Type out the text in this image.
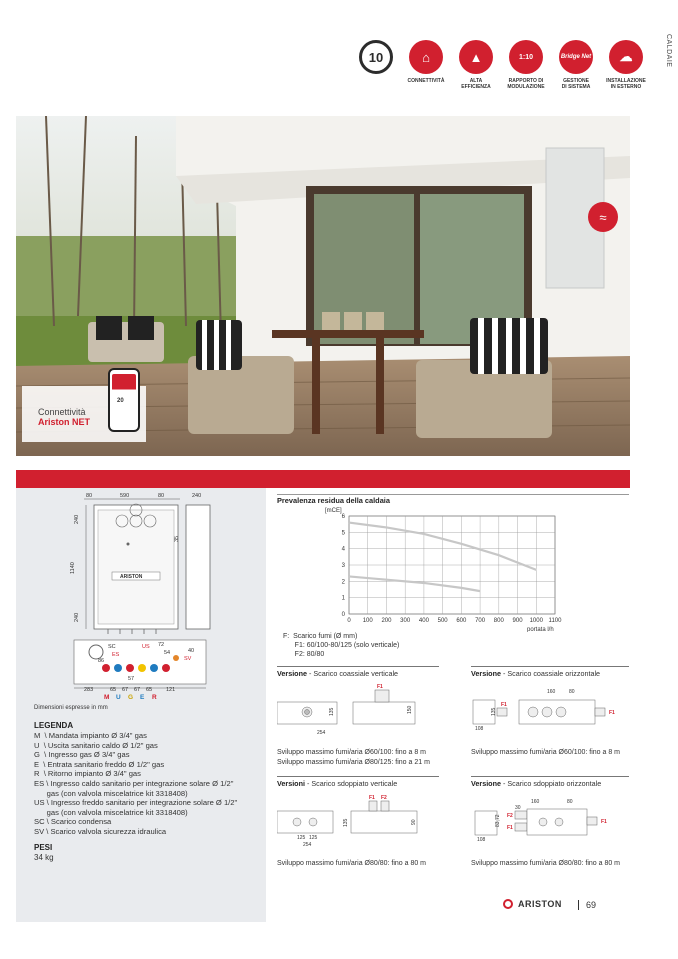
CALDAIE
10	⌂
CONNETTIVITÀ
▲
ALTA
EFFICIENZA
1:10
RAPPORTO DI
MODULAZIONE
Bridge Net
GESTIONE
DI SISTEMA
☁
INSTALLAZIONE
IN ESTERNO
≈
Connettività
Ariston NET
20
80	590	80	240
ARISTON
240
1140
240
35
SC
ES
US
SV
54	40
86
57
72
283	65 67 67 65	121
M U G E R
Dimensioni espresse in mm
LEGENDA
M  \ Mandata impianto Ø 3/4" gas
U  \ Uscita sanitario caldo Ø 1/2" gas
G  \ Ingresso gas Ø 3/4" gas
E  \ Entrata sanitario freddo Ø 1/2" gas
R  \ Ritorno impianto Ø 3/4" gas
ES \ Ingresso caldo sanitario per integrazione solare Ø 1/2"
gas (con valvola miscelatrice kit 3318408)
US \ Ingresso freddo sanitario per integrazione solare Ø 1/2"
gas (con valvola miscelatrice kit 3318408)
SC \ Scarico condensa
SV \ Scarico valvola sicurezza idraulica
PESI
34 kg
Prevalenza residua della caldaia
0 100 200 300 400 500 600 700 800 900 1000 1100
0
1
2
3
4
5
6
[mCE]
portata l/h
F:  Scarico fumi (Ø mm)
F1: 60/100-80/125 (solo verticale)
F2: 80/80
Versione - Scarico coassiale verticale	Versione - Scarico coassiale orizzontale
F1
135	150
254
160	80
F1
F1
135
108
Sviluppo massimo fumi/aria Ø60/100: fino a 8 m
Sviluppo massimo fumi/aria Ø80/125: fino a 21 m
Sviluppo massimo fumi/aria Ø60/100: fino a 8 m
Versioni - Scarico sdoppiato verticale	Versione - Scarico sdoppiato orizzontale
F1 F2
135	90
125 125
254
160	80
30
F2
F1
F1
83,72
108
Sviluppo massimo fumi/aria Ø80/80: fino a 80 m	Sviluppo massimo fumi/aria Ø80/80: fino a 80 m
ARISTON	69
